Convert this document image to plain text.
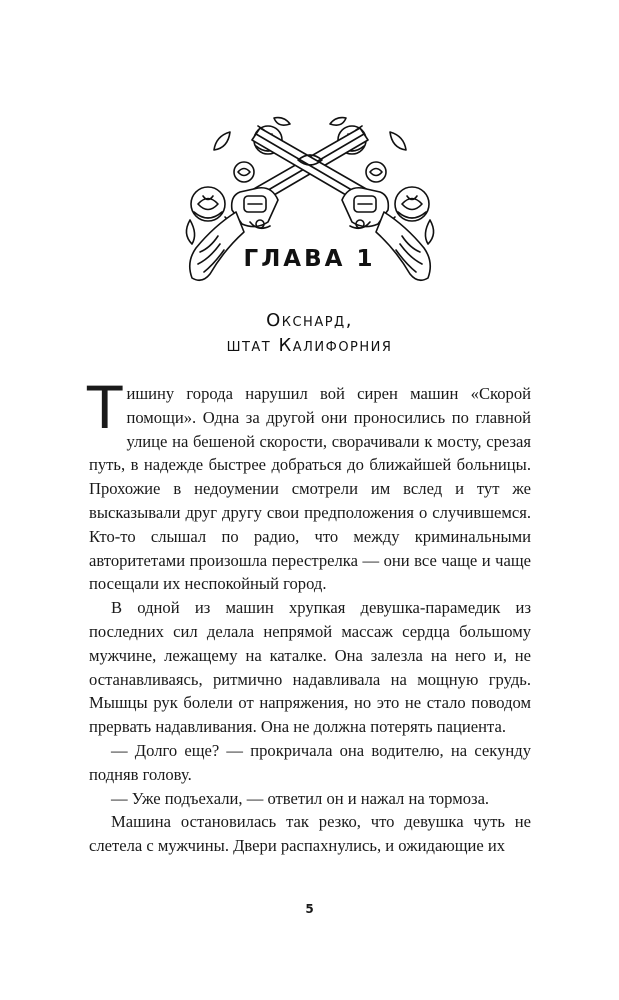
ГЛАВА 1
Окснард,
штат Калифорния

Тишину города нарушил вой сирен машин «Скорой помощи». Одна за другой они проносились по главной улице на бешеной скорости, сворачивали к мосту, срезая путь, в надежде быстрее добраться до ближайшей больницы. Прохожие в недоумении смотрели им вслед и тут же высказывали друг другу свои предположения о случившемся. Кто-то слышал по радио, что между криминальными авторитетами произошла перестрелка — они все чаще и чаще посещали их неспокойный город.

В одной из машин хрупкая девушка-парамедик из последних сил делала непрямой массаж сердца большому мужчине, лежащему на каталке. Она залезла на него и, не останавливаясь, ритмично надавливала на мощную грудь. Мышцы рук болели от напряжения, но это не стало поводом прервать надавливания. Она не должна потерять пациента.

— Долго еще? — прокричала она водителю, на секунду подняв голову.

— Уже подъехали, — ответил он и нажал на тормоза.

Машина остановилась так резко, что девушка чуть не слетела с мужчины. Двери распахнулись, и ожидающие их

5
